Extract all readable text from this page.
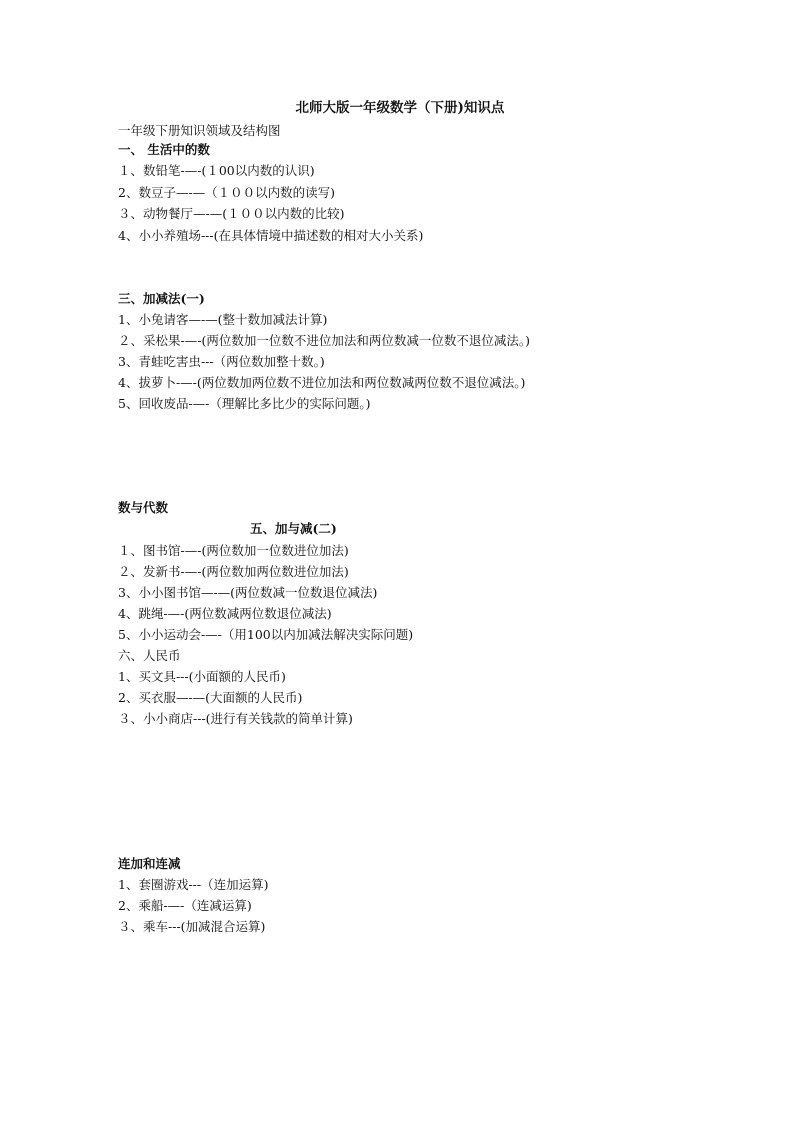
北师大版一年级数学（下册)知识点
一年级下册知识领域及结构图
一、 生活中的数
１、数铅笔-—-(１00以内数的认识)
2、数豆子—-—（１００以内数的读写)
３、动物餐厅—-—(１００以内数的比较)
4、小小养殖场---(在具体情境中描述数的相对大小关系)
三、加减法(一)
1、小兔请客—-—(整十数加减法计算)
２、采松果-—-(两位数加一位数不进位加法和两位数减一位数不退位减法。)
3、青蛙吃害虫---（两位数加整十数。)
4、拔萝卜-—-(两位数加两位数不进位加法和两位数减两位数不退位减法。)
5、回收废品-—-（理解比多比少的实际问题。)
数与代数
五、加与减(二)
１、图书馆-—-(两位数加一位数进位加法)
２、发新书-—-(两位数加两位数进位加法)
3、小小图书馆—-—(两位数减一位数退位减法)
4、跳绳-—-(两位数减两位数退位减法)
5、小小运动会-—-（用100以内加减法解决实际问题)
六、人民币
1、买文具---(小面额的人民币)
2、买衣服—-—(大面额的人民币)
３、小小商店---(进行有关钱款的简单计算)
连加和连减
1、套圈游戏---（连加运算)
2、乘船-—-（连减运算)
３、乘车---(加减混合运算)
